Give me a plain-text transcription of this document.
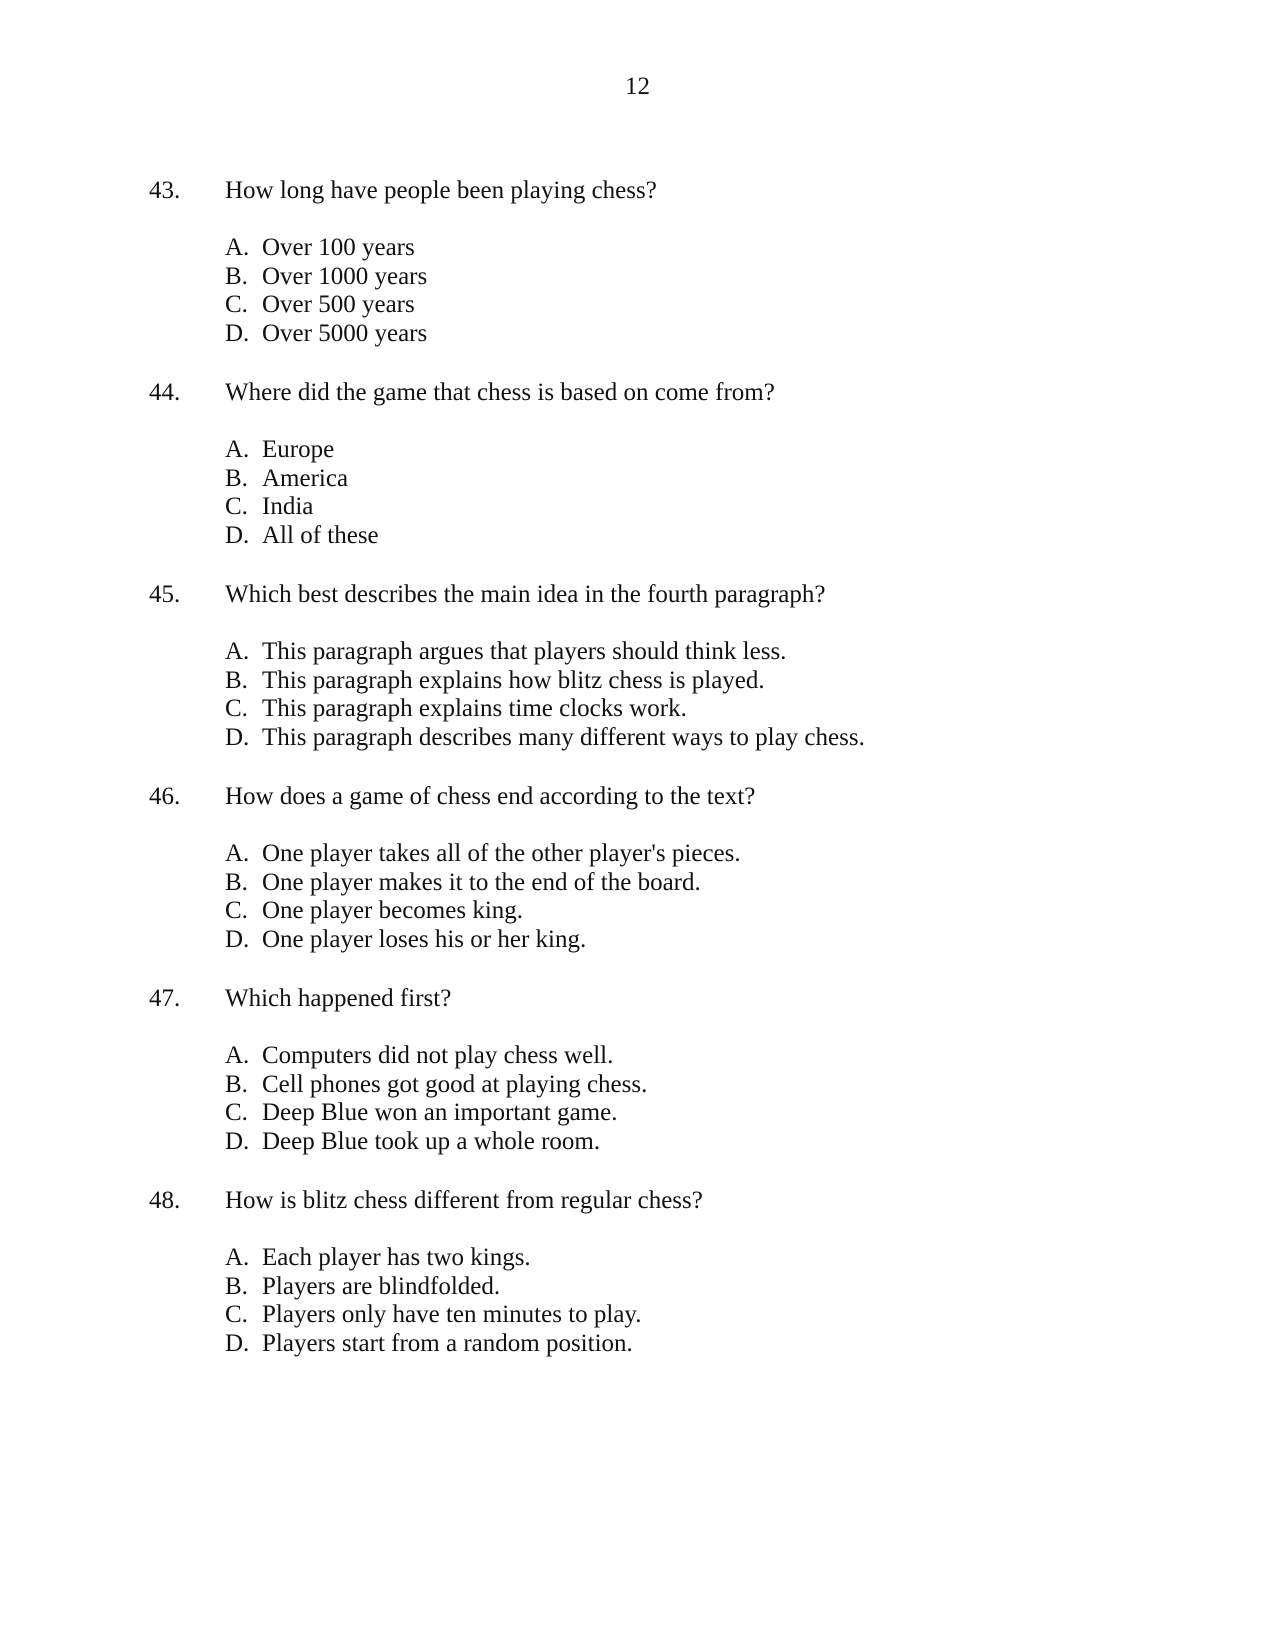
12
43. How long have people been playing chess?
A. Over 100 years
B. Over 1000 years
C. Over 500 years
D. Over 5000 years
44. Where did the game that chess is based on come from?
A. Europe
B. America
C. India
D. All of these
45. Which best describes the main idea in the fourth paragraph?
A. This paragraph argues that players should think less.
B. This paragraph explains how blitz chess is played.
C. This paragraph explains time clocks work.
D. This paragraph describes many different ways to play chess.
46. How does a game of chess end according to the text?
A. One player takes all of the other player's pieces.
B. One player makes it to the end of the board.
C. One player becomes king.
D. One player loses his or her king.
47. Which happened first?
A. Computers did not play chess well.
B. Cell phones got good at playing chess.
C. Deep Blue won an important game.
D. Deep Blue took up a whole room.
48. How is blitz chess different from regular chess?
A. Each player has two kings.
B. Players are blindfolded.
C. Players only have ten minutes to play.
D. Players start from a random position.
